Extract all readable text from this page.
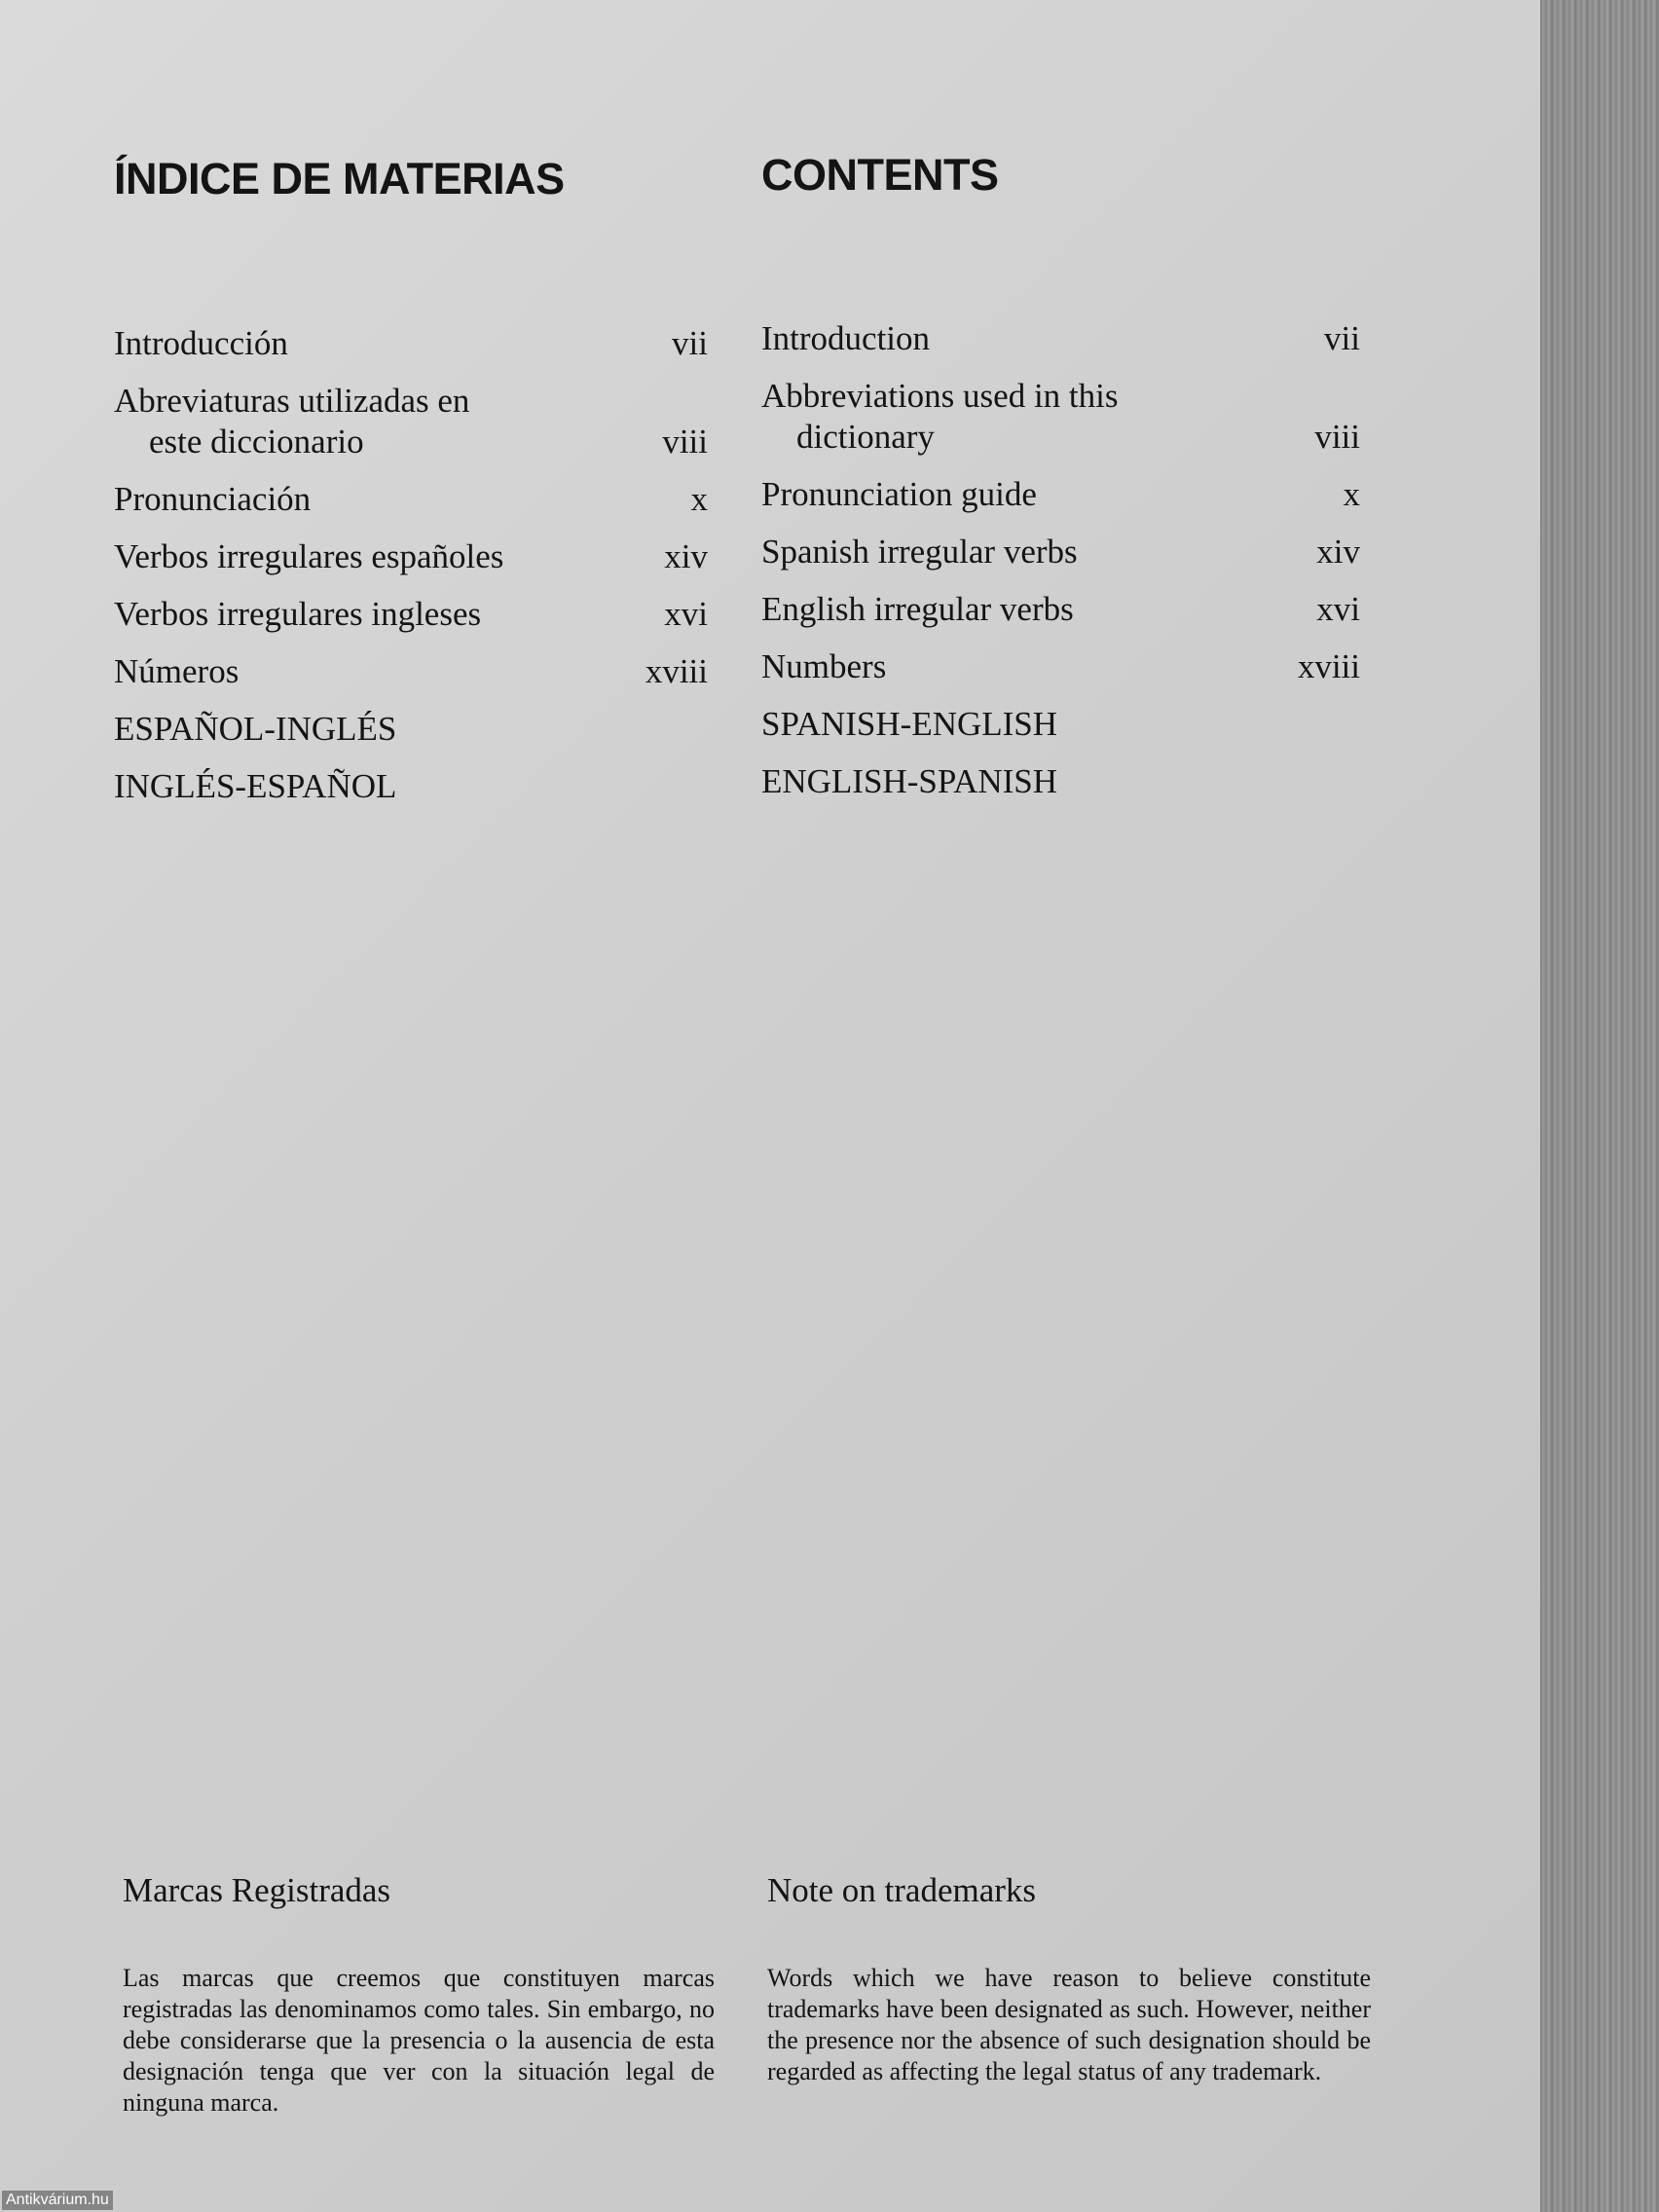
ÍNDICE DE MATERIAS
Introducción	vii
Abreviaturas utilizadas en
este diccionario	viii
Pronunciación	x
Verbos irregulares españoles	xiv
Verbos irregulares ingleses	xvi
Números	xviii
ESPAÑOL-INGLÉS
INGLÉS-ESPAÑOL
Marcas Registradas

Las marcas que creemos que constituyen marcas registradas las denominamos como tales. Sin embargo, no debe considerarse que la presencia o la ausencia de esta designación tenga que ver con la situación legal de ninguna marca.

CONTENTS
Introduction	vii
Abbreviations used in this
dictionary	viii
Pronunciation guide	x
Spanish irregular verbs	xiv
English irregular verbs	xvi
Numbers	xviii
SPANISH-ENGLISH
ENGLISH-SPANISH
Note on trademarks

Words which we have reason to believe constitute trademarks have been designated as such. However, neither the presence nor the absence of such designation should be regarded as affecting the legal status of any trademark.

Antikvárium.hu
